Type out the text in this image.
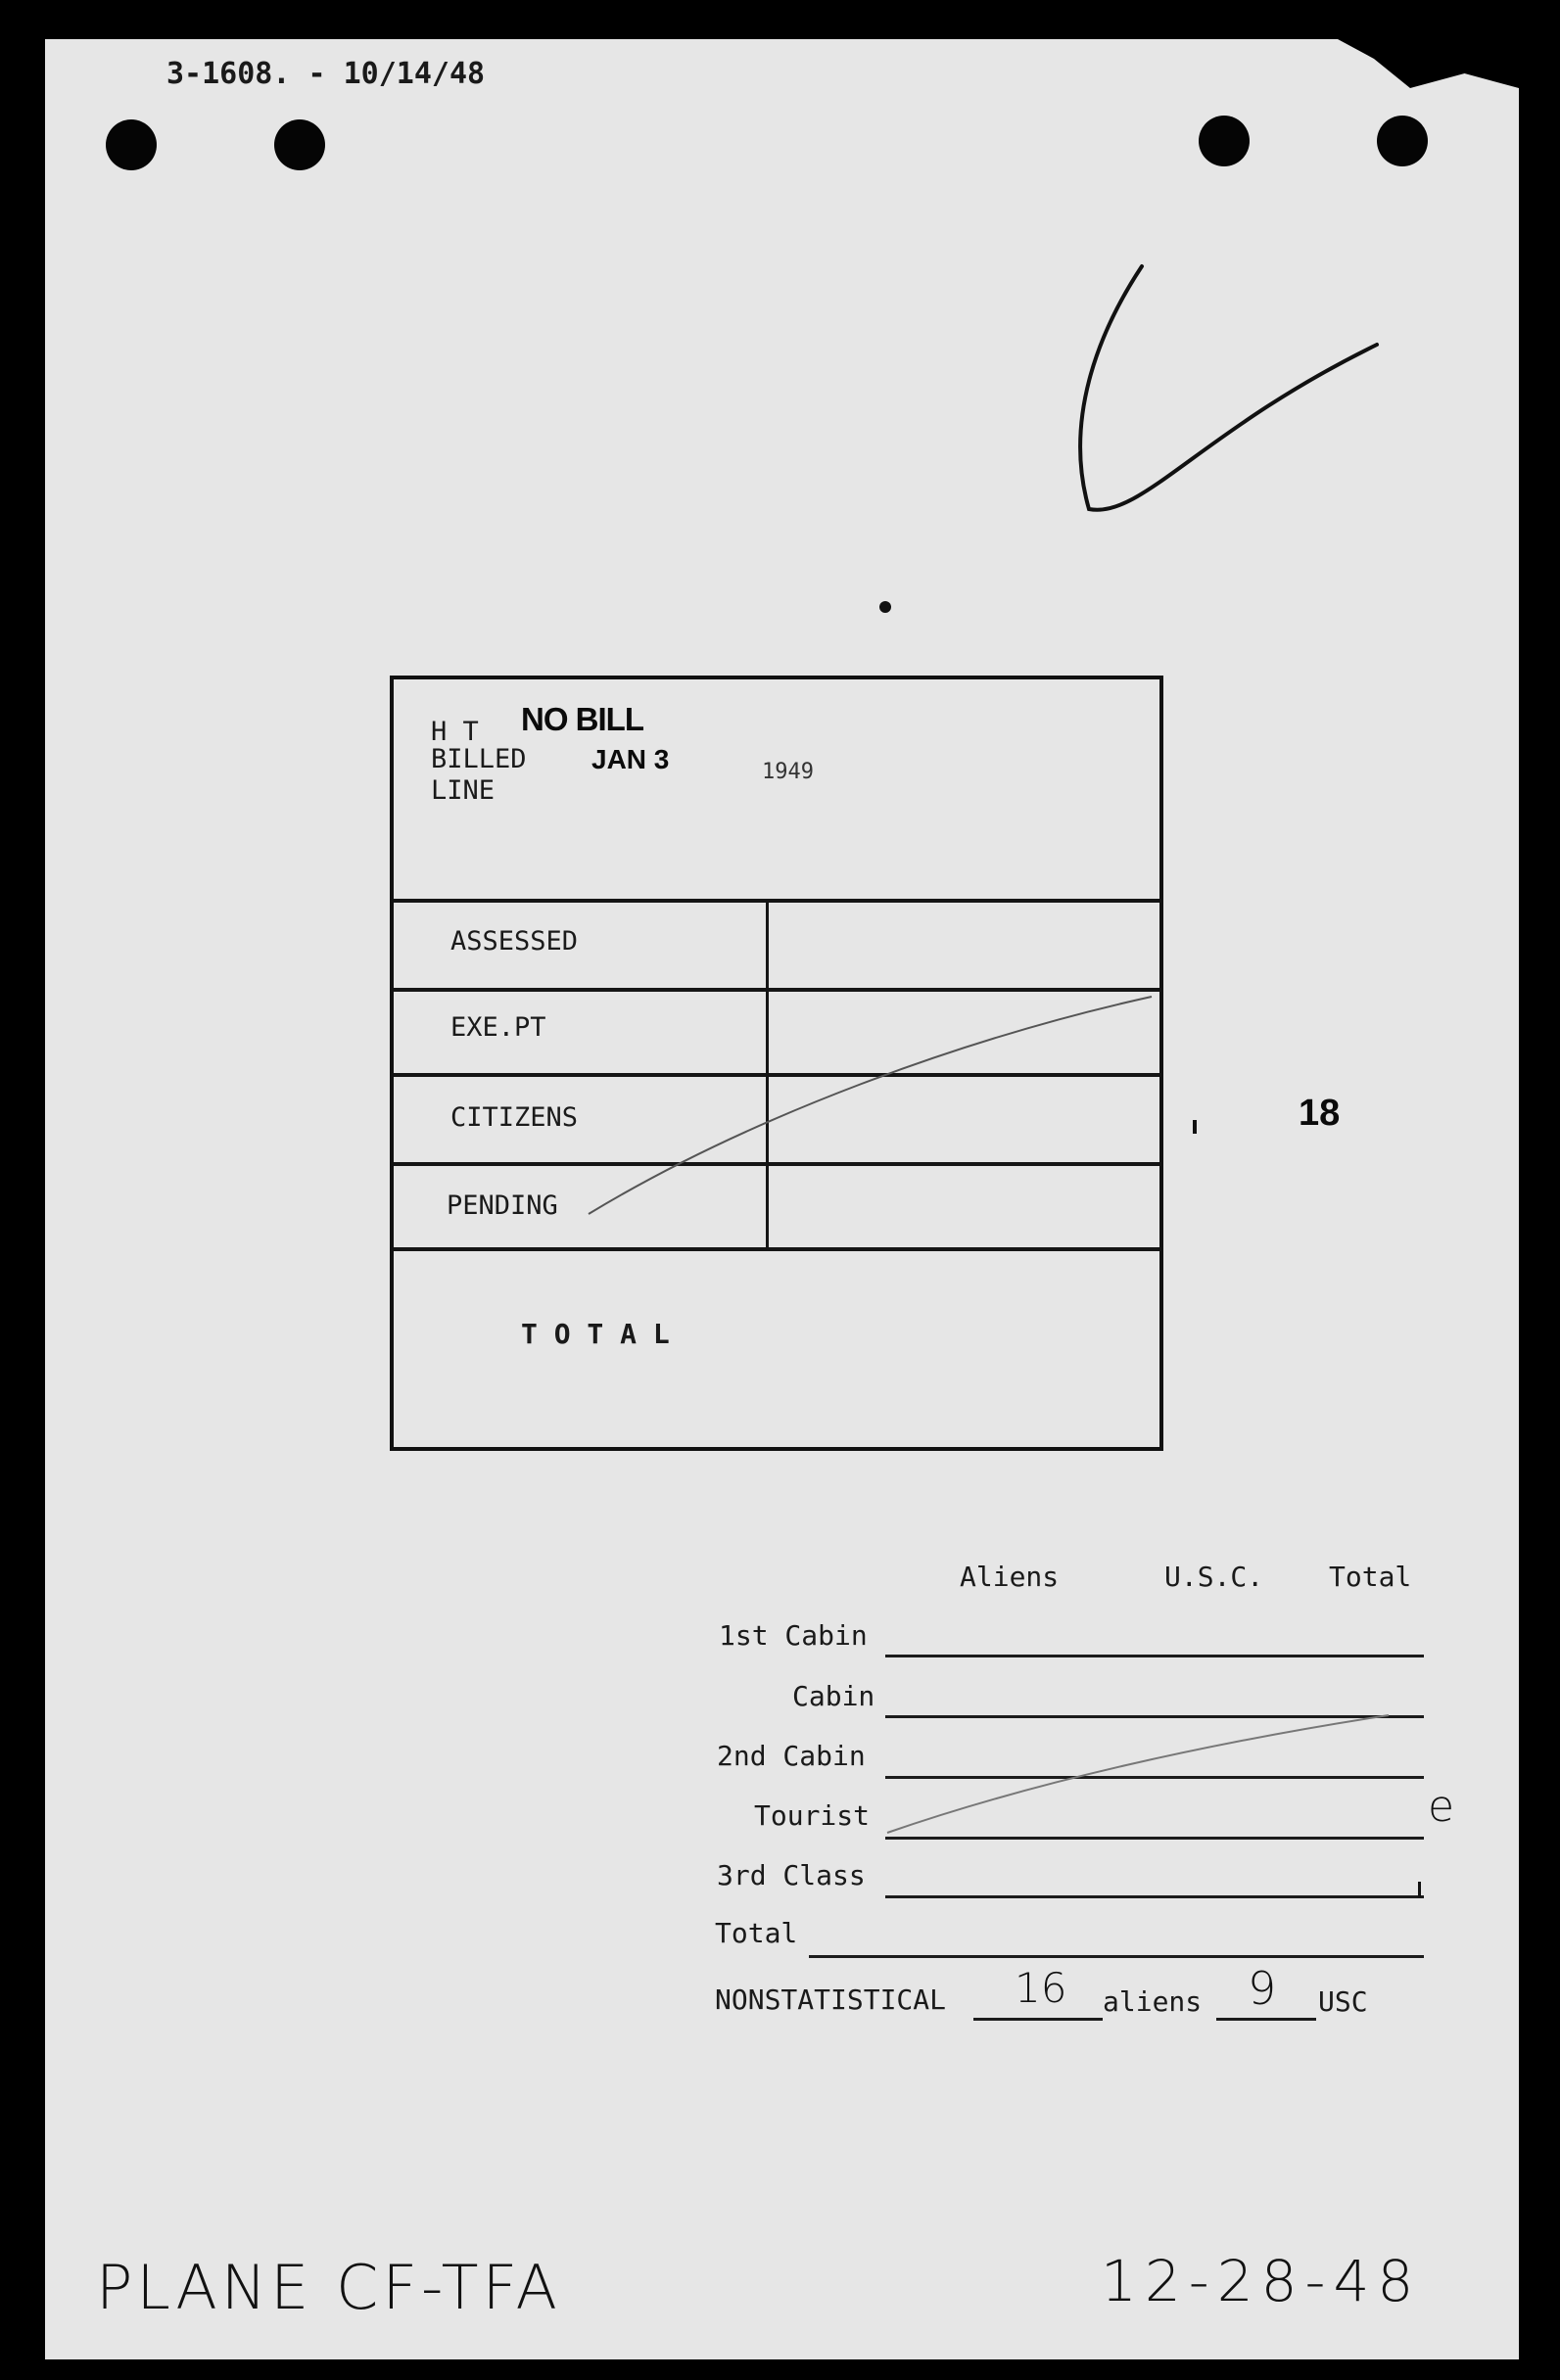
3-1608. - 10/14/48
H T NO BILL
BILLED JAN 3	1949
LINE
ASSESSED
EXE.PT
CITIZENS
PENDING
T O T A L
18
Aliens	U.S.C. Total
1st Cabin
Cabin
2nd Cabin
Tourist
3rd Class
Total
NONSTATISTICAL 16 aliens 9 USC
e
PLANE CF-TFA	12-28-48
